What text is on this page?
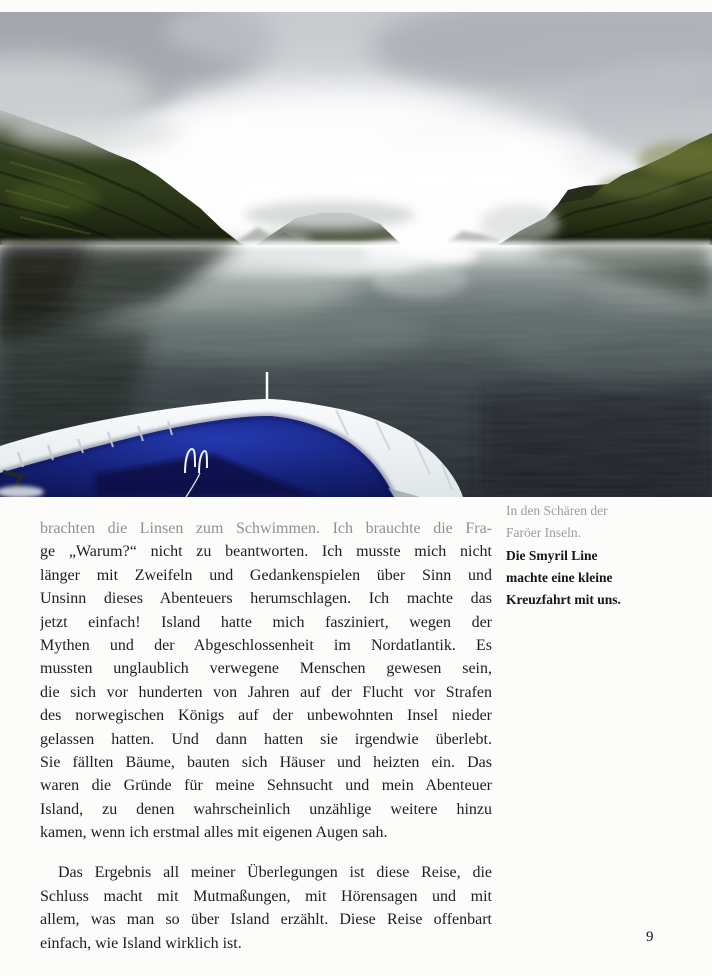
brachten die Linsen zum Schwimmen. Ich brauchte die Fra-
ge „Warum?“ nicht zu beantworten. Ich musste mich nicht
länger mit Zweifeln und Gedankenspielen über Sinn und
Unsinn dieses Abenteuers herumschlagen. Ich machte das
jetzt einfach! Island hatte mich fasziniert, wegen der
Mythen und der Abgeschlossenheit im Nordatlantik. Es
mussten unglaublich verwegene Menschen gewesen sein,
die sich vor hunderten von Jahren auf der Flucht vor Strafen
des norwegischen Königs auf der unbewohnten Insel nieder
gelassen hatten. Und dann hatten sie irgendwie überlebt.
Sie fällten Bäume, bauten sich Häuser und heizten ein. Das
waren die Gründe für meine Sehnsucht und mein Abenteuer
Island, zu denen wahrscheinlich unzählige weitere hinzu
kamen, wenn ich erstmal alles mit eigenen Augen sah.
Das Ergebnis all meiner Überlegungen ist diese Reise, die
Schluss macht mit Mutmaßungen, mit Hörensagen und mit
allem, was man so über Island erzählt. Diese Reise offenbart
einfach, wie Island wirklich ist.
In den Schären der
Faröer Inseln.
Die Smyril Line
machte eine kleine
Kreuzfahrt mit uns.
9
